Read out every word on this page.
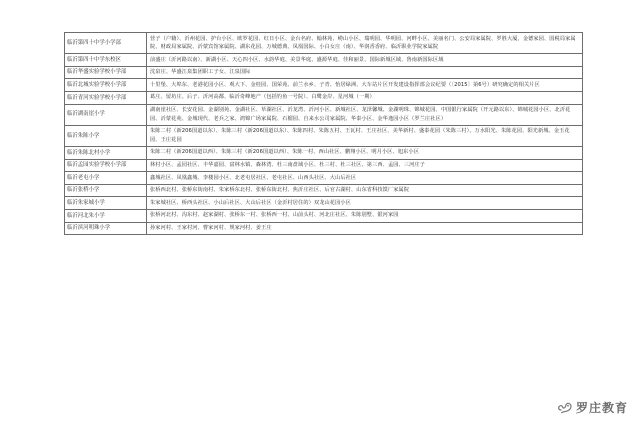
临沂第四十中学小学部	营子（户籍）、沂州花园、护台小区、欧罗花园、红日小区、金台名府、翰林苑、崂山小区、瑞明园、华明园、河畔小区、美丽名门、公安局家属院、罗胜大厦、金德家园、国税局家属院、财政局家属院、沂蒙宾馆家属院、湖东花园、万城德典、凤凰国际、小白女庄（南）、华润香香府、临沂职业学院家属院
临沂第四十中学东校区	前盛庄（沂河路以南）、新湖小区、天心四小区、水韵华庭、美景华庭、盛源华庭、佳和丽景、国际新城区域、鲁南新国际区域
临沂华盛实验学校小学部	沈泉庄、华盛江泉集团职工子女、江泉国际
临沂北城实验学校小学部	十里堡、大埠东、老港花园小区、观大下、金桂园、国荣苑、前兰水乡、子青、怡居绿洲、大车站片区开发建设指挥部会议纪要（〔2015〕第6号）研究确定的相关片区
临沂青河实验学校小学部	葛庄、留坊庄、后子、沂河高都、临沂奇峰地产（包括钓鱼一号院）、白鹭金岸、星河城（一期）
临沂湖南崖小学	湖南崖社区、长安花园、金湖别苑、金湖社区、草湖社区、沂龙湾、沂河小区、新城社区、龙泽馨城、金湖明珠、锦城花园、中国银行家属院（开元路以东）、锦城花园小区、北沂花园、沂蒙花苑、金城现代、老兵之家、鸿锦广场家属院、石榴园、自来水公司家属院、华泰小区、金华逸园小区（罗兰庄社区）
临沂朱陈小学	朱陈二村（新206国道以东）、朱陈三村（新206国道以东）、朱陈四村、朱陈五村、王瓦村、王庄社区、美华新村、盛泰花园（朱陈三村）、万水阳光、朱陈花园、阳光新城、金玉花园、王庄花园
临沂朱陈北村小学	朱陈二村（新206国道以西）、朱陈三村（新206国道以西）、朱陈一村、西山社区、鹏翔小区、明月小区、旭东小区
临沂孟园实验学校小学部	林村小区、孟园社区、丰华嘉园、富林水镇、森林湾、杜三南盘域小区、杜三村、杜三社区、第三西、孟园、三河庄子
临沂老屯小学	鑫城社区、凤凰鑫城、李楼园小区、北老屯居社区、老屯社区、山西头社区、大山后社区
临沂张桥小学	张桥西北村、张桥东街南村、朱家桥东北村、张桥东街北村、焦沂庄社区、后官古湖村、山东省科技馍厂家属院
临沂朱家城小学	朱家城社区、桥西头社区、小山后社区、大山后社区（金沂村居住的）双龙山花园小区
临沂河北朱小学	张桥河北村、沟东村、赵家湖村、张桥东一村、张桥西一村、山前头村、河北庄社区、朱陈别墅、银河家园
临沂滨河明珠小学	孙家河村、王家村河、曹家河村、规家河村、姜王庄
罗庄教育
